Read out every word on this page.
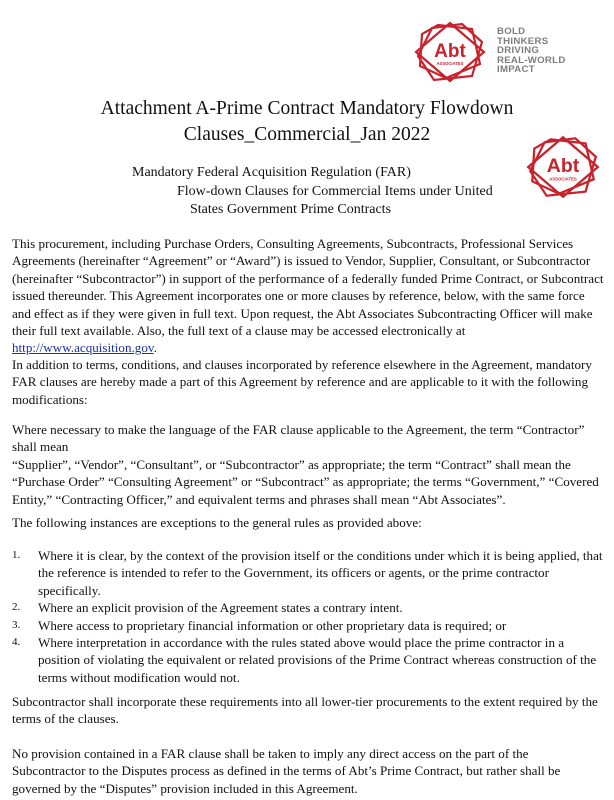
Abt
ASSOCIATES
BOLD
THINKERS
DRIVING
REAL-WORLD
IMPACT
Attachment A-Prime Contract Mandatory Flowdown
Clauses_Commercial_Jan 2022
Mandatory Federal Acquisition Regulation (FAR)
Flow-down Clauses for Commercial Items under United
States Government Prime Contracts
Abt
ASSOCIATES
This procurement, including Purchase Orders, Consulting Agreements, Subcontracts, Professional Services Agreements (hereinafter “Agreement” or “Award”) is issued to Vendor, Supplier, Consultant, or Subcontractor (hereinafter “Subcontractor”) in support of the performance of a federally funded Prime Contract, or Subcontract issued thereunder. This Agreement incorporates one or more clauses by reference, below, with the same force and effect as if they were given in full text. Upon request, the Abt Associates Subcontracting Officer will make their full text available. Also, the full text of a clause may be accessed electronically at http://www.acquisition.gov.
In addition to terms, conditions, and clauses incorporated by reference elsewhere in the Agreement, mandatory FAR clauses are hereby made a part of this Agreement by reference and are applicable to it with the following modifications:
Where necessary to make the language of the FAR clause applicable to the Agreement, the term “Contractor” shall mean
“Supplier”, “Vendor”, “Consultant”, or “Subcontractor” as appropriate; the term “Contract” shall mean the “Purchase Order” “Consulting Agreement” or “Subcontract” as appropriate; the terms “Government,” “Covered Entity,” “Contracting Officer,” and equivalent terms and phrases shall mean “Abt Associates”.
The following instances are exceptions to the general rules as provided above:
1. Where it is clear, by the context of the provision itself or the conditions under which it is being applied, that the reference is intended to refer to the Government, its officers or agents, or the prime contractor specifically.
2. Where an explicit provision of the Agreement states a contrary intent.
3. Where access to proprietary financial information or other proprietary data is required; or
4. Where interpretation in accordance with the rules stated above would place the prime contractor in a position of violating the equivalent or related provisions of the Prime Contract whereas construction of the terms without modification would not.
Subcontractor shall incorporate these requirements into all lower-tier procurements to the extent required by the terms of the clauses.
No provision contained in a FAR clause shall be taken to imply any direct access on the part of the Subcontractor to the Disputes process as defined in the terms of Abt’s Prime Contract, but rather shall be governed by the “Disputes” provision included in this Agreement.
